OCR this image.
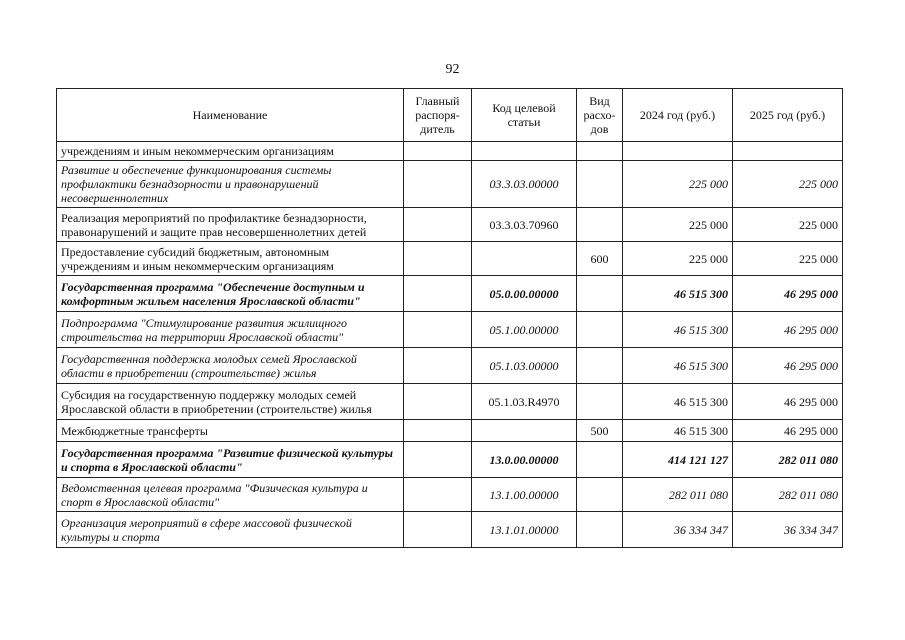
92
Наименование	Главный распоря-дитель	Код целевой статьи	Вид расхо-дов	2024 год (руб.)	2025 год (руб.)
учреждениям и иным некоммерческим организациям					
Развитие и обеспечение функционирования системы профилактики безнадзорности и правонарушений несовершеннолетних		03.3.03.00000		225 000	225 000
Реализация мероприятий по профилактике безнадзорности, правонарушений и защите прав несовершеннолетних детей		03.3.03.70960		225 000	225 000
Предоставление субсидий бюджетным, автономным учреждениям и иным некоммерческим организациям			600	225 000	225 000
Государственная программа "Обеспечение доступным и комфортным жильем населения Ярославской области"		05.0.00.00000		46 515 300	46 295 000
Подпрограмма "Стимулирование развития жилищного строительства на территории Ярославской области"		05.1.00.00000		46 515 300	46 295 000
Государственная поддержка молодых семей Ярославской области в приобретении (строительстве) жилья		05.1.03.00000		46 515 300	46 295 000
Субсидия на государственную поддержку молодых семей Ярославской области в приобретении (строительстве) жилья		05.1.03.R4970		46 515 300	46 295 000
Межбюджетные трансферты			500	46 515 300	46 295 000
Государственная программа "Развитие физической культуры и спорта в Ярославской области"		13.0.00.00000		414 121 127	282 011 080
Ведомственная целевая программа "Физическая культура и спорт в Ярославской области"		13.1.00.00000		282 011 080	282 011 080
Организация мероприятий в сфере массовой физической культуры и спорта		13.1.01.00000		36 334 347	36 334 347
